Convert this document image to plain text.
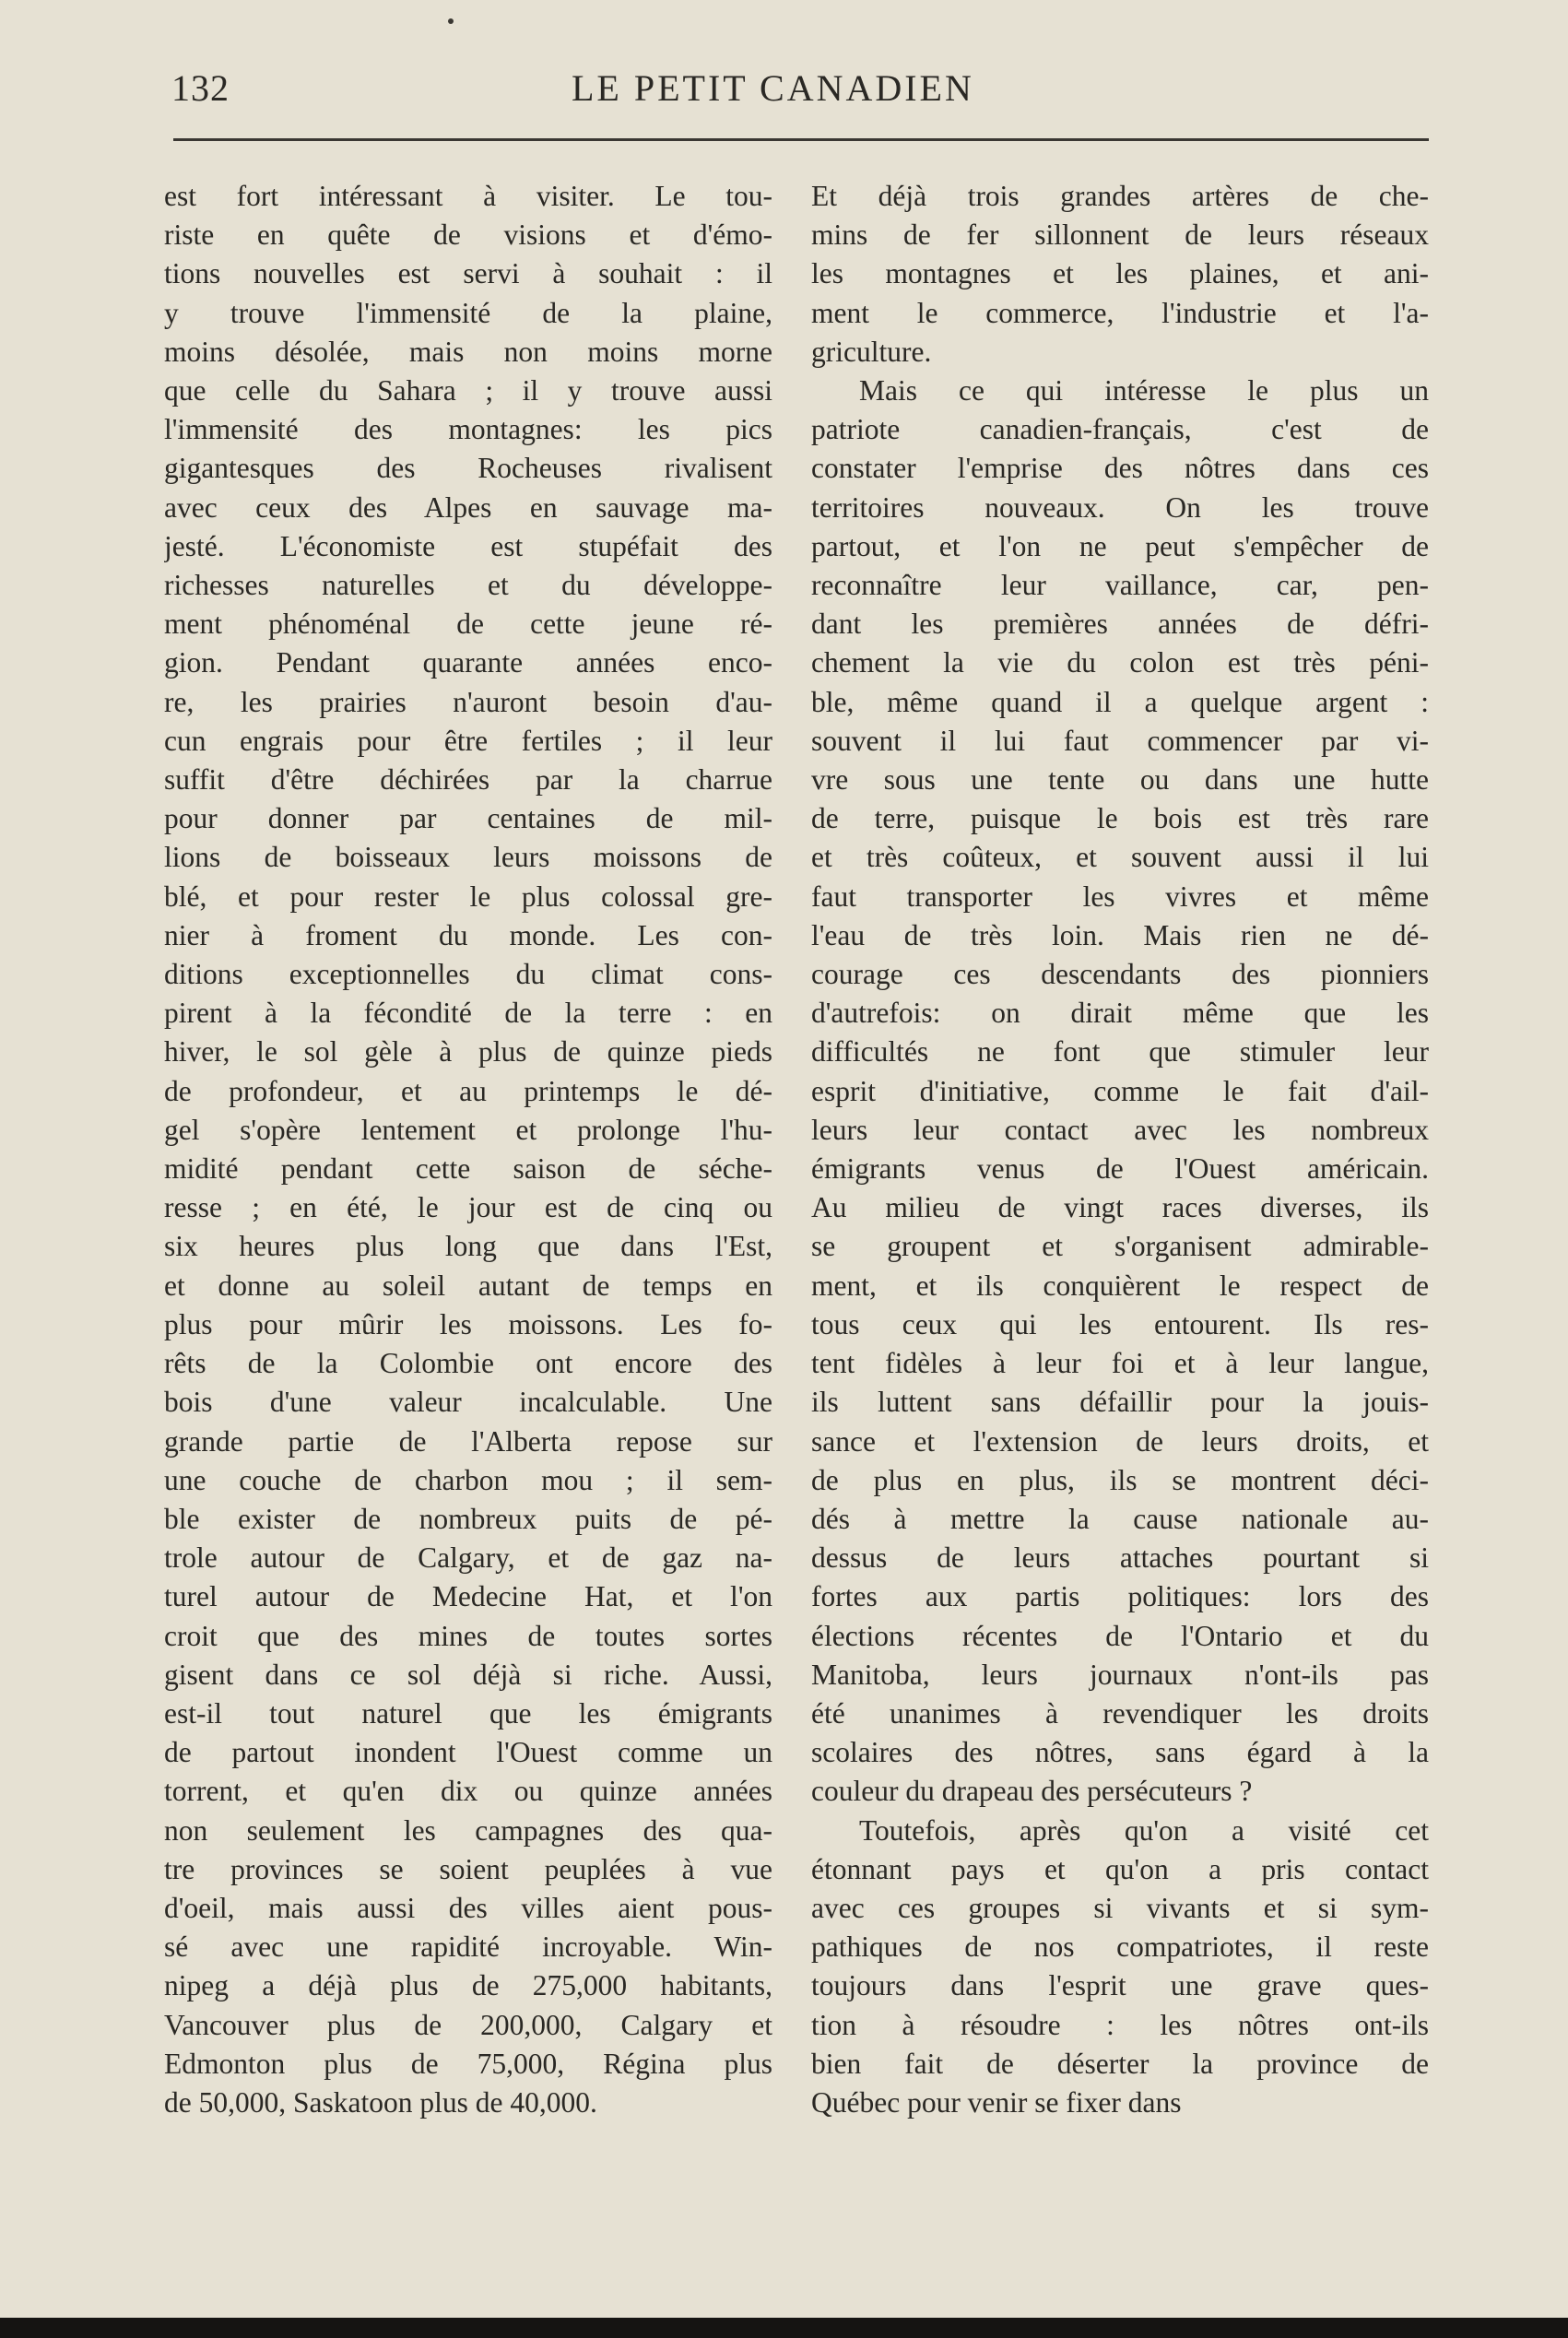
132	LE PETIT CANADIEN
est fort intéressant à visiter. Le tou-
riste en quête de visions et d'émo-
tions nouvelles est servi à souhait : il
y trouve l'immensité de la plaine,
moins désolée, mais non moins morne
que celle du Sahara ; il y trouve aussi
l'immensité des montagnes: les pics
gigantesques des Rocheuses rivalisent
avec ceux des Alpes en sauvage ma-
jesté. L'économiste est stupéfait des
richesses naturelles et du développe-
ment phénoménal de cette jeune ré-
gion. Pendant quarante années enco-
re, les prairies n'auront besoin d'au-
cun engrais pour être fertiles ; il leur
suffit d'être déchirées par la charrue
pour donner par centaines de mil-
lions de boisseaux leurs moissons de
blé, et pour rester le plus colossal gre-
nier à froment du monde. Les con-
ditions exceptionnelles du climat cons-
pirent à la fécondité de la terre : en
hiver, le sol gèle à plus de quinze pieds
de profondeur, et au printemps le dé-
gel s'opère lentement et prolonge l'hu-
midité pendant cette saison de séche-
resse ; en été, le jour est de cinq ou
six heures plus long que dans l'Est,
et donne au soleil autant de temps en
plus pour mûrir les moissons. Les fo-
rêts de la Colombie ont encore des
bois d'une valeur incalculable. Une
grande partie de l'Alberta repose sur
une couche de charbon mou ; il sem-
ble exister de nombreux puits de pé-
trole autour de Calgary, et de gaz na-
turel autour de Medecine Hat, et l'on
croit que des mines de toutes sortes
gisent dans ce sol déjà si riche. Aussi,
est-il tout naturel que les émigrants
de partout inondent l'Ouest comme un
torrent, et qu'en dix ou quinze années
non seulement les campagnes des qua-
tre provinces se soient peuplées à vue
d'oeil, mais aussi des villes aient pous-
sé avec une rapidité incroyable. Win-
nipeg a déjà plus de 275,000 habitants,
Vancouver plus de 200,000, Calgary et
Edmonton plus de 75,000, Régina plus
de 50,000, Saskatoon plus de 40,000.
Et déjà trois grandes artères de che-
mins de fer sillonnent de leurs réseaux
les montagnes et les plaines, et ani-
ment le commerce, l'industrie et l'a-
griculture.
Mais ce qui intéresse le plus un
patriote canadien-français, c'est de
constater l'emprise des nôtres dans ces
territoires nouveaux. On les trouve
partout, et l'on ne peut s'empêcher de
reconnaître leur vaillance, car, pen-
dant les premières années de défri-
chement la vie du colon est très péni-
ble, même quand il a quelque argent :
souvent il lui faut commencer par vi-
vre sous une tente ou dans une hutte
de terre, puisque le bois est très rare
et très coûteux, et souvent aussi il lui
faut transporter les vivres et même
l'eau de très loin. Mais rien ne dé-
courage ces descendants des pionniers
d'autrefois: on dirait même que les
difficultés ne font que stimuler leur
esprit d'initiative, comme le fait d'ail-
leurs leur contact avec les nombreux
émigrants venus de l'Ouest américain.
Au milieu de vingt races diverses, ils
se groupent et s'organisent admirable-
ment, et ils conquièrent le respect de
tous ceux qui les entourent. Ils res-
tent fidèles à leur foi et à leur langue,
ils luttent sans défaillir pour la jouis-
sance et l'extension de leurs droits, et
de plus en plus, ils se montrent déci-
dés à mettre la cause nationale au-
dessus de leurs attaches pourtant si
fortes aux partis politiques: lors des
élections récentes de l'Ontario et du
Manitoba, leurs journaux n'ont-ils pas
été unanimes à revendiquer les droits
scolaires des nôtres, sans égard à la
couleur du drapeau des persécuteurs ?
Toutefois, après qu'on a visité cet
étonnant pays et qu'on a pris contact
avec ces groupes si vivants et si sym-
pathiques de nos compatriotes, il reste
toujours dans l'esprit une grave ques-
tion à résoudre : les nôtres ont-ils
bien fait de déserter la province de
Québec pour venir se fixer dans
